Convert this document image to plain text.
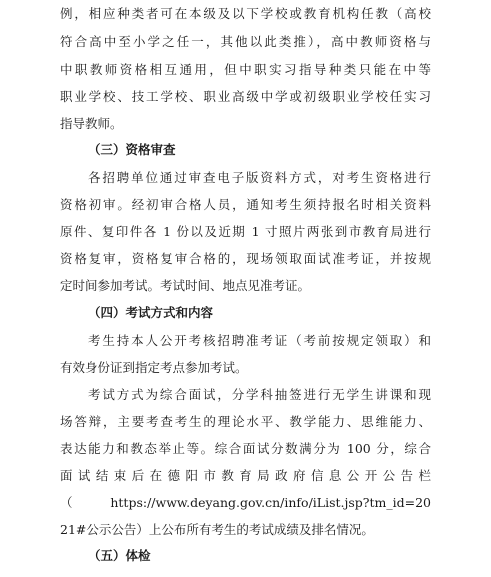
例，相应种类者可在本级及以下学校或教育机构任教（高校
符合高中至小学之任一，其他以此类推），高中教师资格与
中职教师资格相互通用，但中职实习指导种类只能在中等
职业学校、技工学校、职业高级中学或初级职业学校任实习
指导教师。
（三）资格审查
各招聘单位通过审查电子版资料方式，对考生资格进行
资格初审。经初审合格人员，通知考生须持报名时相关资料
原件、复印件各 1 份以及近期 1 寸照片两张到市教育局进行
资格复审，资格复审合格的，现场领取面试准考证，并按规
定时间参加考试。考试时间、地点见准考证。
（四）考试方式和内容
考生持本人公开考核招聘准考证（考前按规定领取）和
有效身份证到指定考点参加考试。
考试方式为综合面试，分学科抽签进行无学生讲课和现
场答辩，主要考查考生的理论水平、教学能力、思维能力、
表达能力和教态举止等。综合面试分数满分为 100 分，综合
面试结束后在德阳市教育局政府信息公开公告栏
（https://www.deyang.gov.cn/info/iList.jsp?tm_id=20
21#公示公告）上公布所有考生的考试成绩及排名情况。
（五）体检
